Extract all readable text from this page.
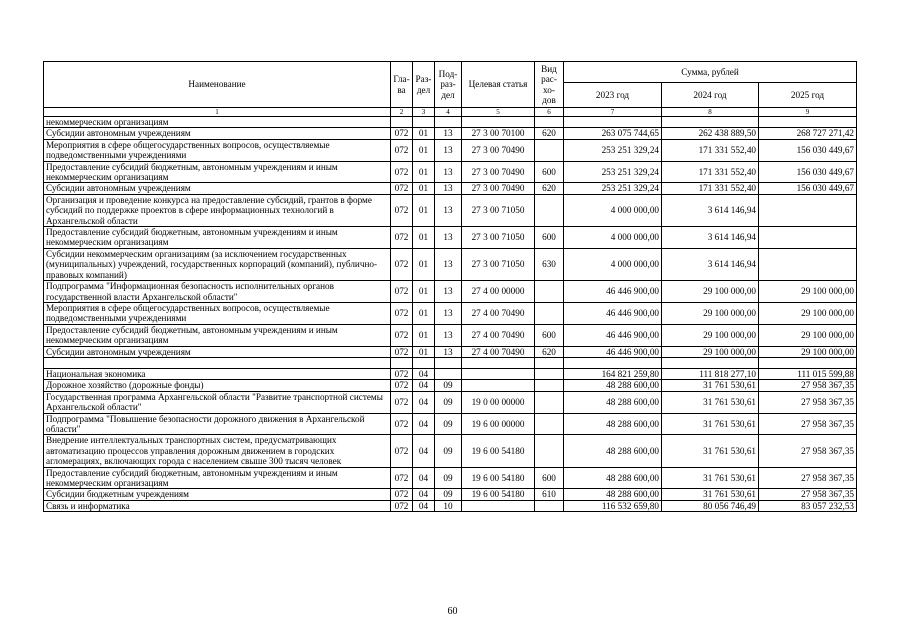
Наименование	Гла-ва	Раз-дел	Под-раз-дел	Целевая статья	Вид рас-хо-дов	Сумма, рублей		
						2023 год	2024 год	2025 год
1	2	3	4	5	6	7	8	9
некоммерческим организациям								
Субсидии автономным учреждениям	072	01	13	27 3 00 70100	620	263 075 744,65	262 438 889,50	268 727 271,42
Мероприятия в сфере общегосударственных вопросов, осуществляемые подведомственными учреждениями	072	01	13	27 3 00 70490		253 251 329,24	171 331 552,40	156 030 449,67
Предоставление субсидий бюджетным, автономным учреждениям и иным некоммерческим организациям	072	01	13	27 3 00 70490	600	253 251 329,24	171 331 552,40	156 030 449,67
Субсидии автономным учреждениям	072	01	13	27 3 00 70490	620	253 251 329,24	171 331 552,40	156 030 449,67
Организация и проведение конкурса на предоставление субсидий, грантов в форме субсидий по поддержке проектов в сфере информационных технологий в Архангельской области	072	01	13	27 3 00 71050		4 000 000,00	3 614 146,94	
Предоставление субсидий бюджетным, автономным учреждениям и иным некоммерческим организациям	072	01	13	27 3 00 71050	600	4 000 000,00	3 614 146,94	
Субсидии некоммерческим организациям (за исключением государственных (муниципальных) учреждений, государственных корпораций (компаний), публично-правовых компаний)	072	01	13	27 3 00 71050	630	4 000 000,00	3 614 146,94	
Подпрограмма "Информационная безопасность исполнительных органов государственной власти Архангельской области"	072	01	13	27 4 00 00000		46 446 900,00	29 100 000,00	29 100 000,00
Мероприятия в сфере общегосударственных вопросов, осуществляемые подведомственными учреждениями	072	01	13	27 4 00 70490		46 446 900,00	29 100 000,00	29 100 000,00
Предоставление субсидий бюджетным, автономным учреждениям и иным некоммерческим организациям	072	01	13	27 4 00 70490	600	46 446 900,00	29 100 000,00	29 100 000,00
Субсидии автономным учреждениям	072	01	13	27 4 00 70490	620	46 446 900,00	29 100 000,00	29 100 000,00

Национальная экономика	072	04				164 821 259,80	111 818 277,10	111 015 599,88
Дорожное хозяйство (дорожные фонды)	072	04	09			48 288 600,00	31 761 530,61	27 958 367,35
Государственная программа Архангельской области "Развитие транспортной системы Архангельской области"	072	04	09	19 0 00 00000		48 288 600,00	31 761 530,61	27 958 367,35
Подпрограмма "Повышение безопасности дорожного движения в Архангельской области"	072	04	09	19 6 00 00000		48 288 600,00	31 761 530,61	27 958 367,35
Внедрение интеллектуальных транспортных систем, предусматривающих автоматизацию процессов управления дорожным движением в городских агломерациях, включающих города с населением свыше 300 тысяч человек	072	04	09	19 6 00 54180		48 288 600,00	31 761 530,61	27 958 367,35
Предоставление субсидий бюджетным, автономным учреждениям и иным некоммерческим организациям	072	04	09	19 6 00 54180	600	48 288 600,00	31 761 530,61	27 958 367,35
Субсидии бюджетным учреждениям	072	04	09	19 6 00 54180	610	48 288 600,00	31 761 530,61	27 958 367,35
Связь и информатика	072	04	10			116 532 659,80	80 056 746,49	83 057 232,53
60
